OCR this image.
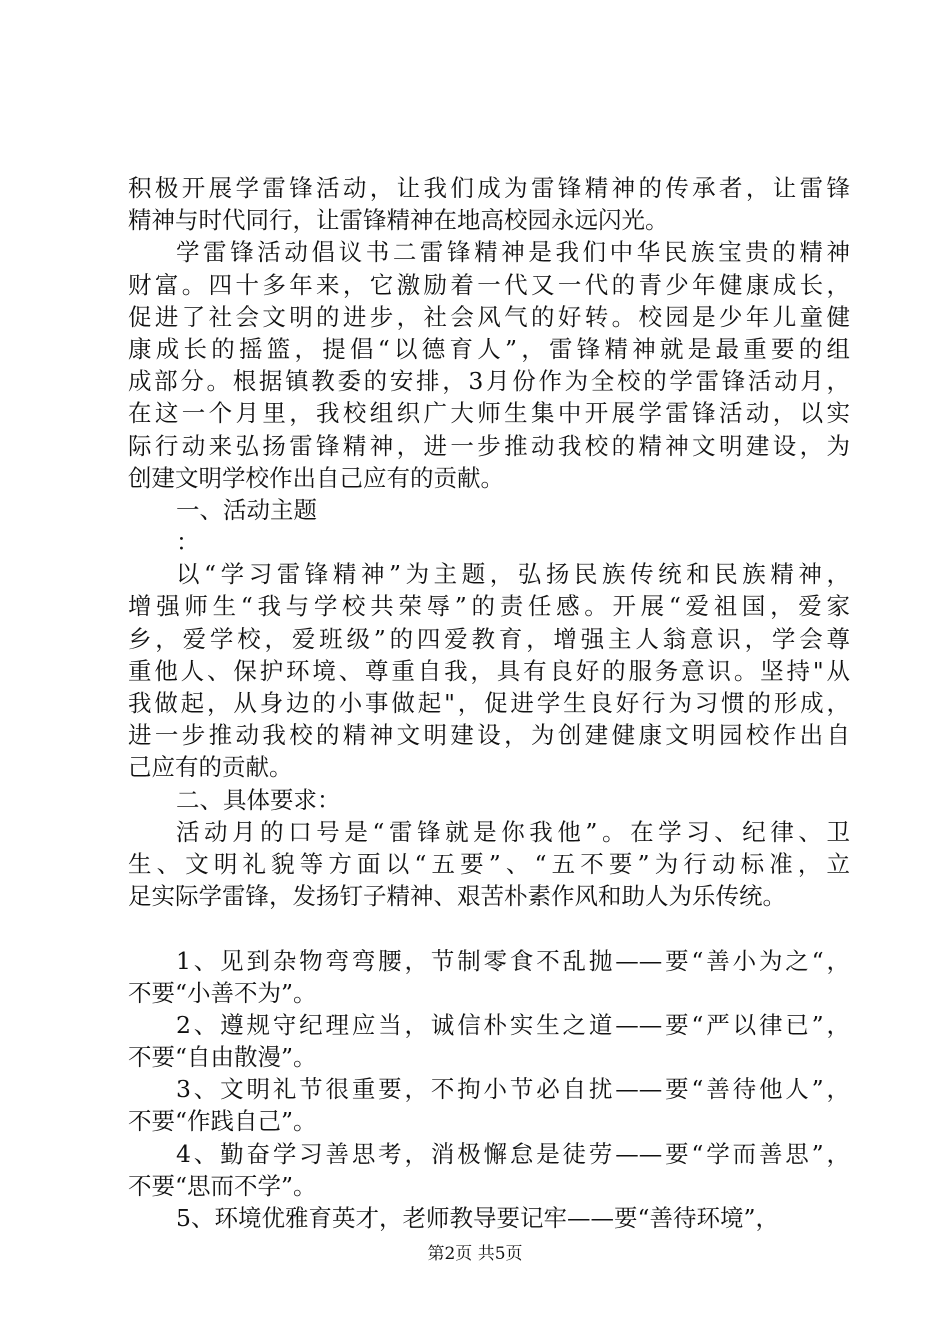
积极开展学雷锋活动，让我们成为雷锋精神的传承者，让雷锋
精神与时代同行，让雷锋精神在地高校园永远闪光。
学雷锋活动倡议书二雷锋精神是我们中华民族宝贵的精神
财富。四十多年来，它激励着一代又一代的青少年健康成长，
促进了社会文明的进步，社会风气的好转。校园是少年儿童健
康成长的摇篮，提倡“以德育人”，雷锋精神就是最重要的组
成部分。根据镇教委的安排，3月份作为全校的学雷锋活动月，
在这一个月里，我校组织广大师生集中开展学雷锋活动，以实
际行动来弘扬雷锋精神，进一步推动我校的精神文明建设，为
创建文明学校作出自己应有的贡献。
一、活动主题
：
以“学习雷锋精神”为主题，弘扬民族传统和民族精神，
增强师生“我与学校共荣辱”的责任感。开展“爱祖国，爱家
乡，爱学校，爱班级”的四爱教育，增强主人翁意识，学会尊
重他人、保护环境、尊重自我，具有良好的服务意识。坚持"从
我做起，从身边的小事做起"，促进学生良好行为习惯的形成，
进一步推动我校的精神文明建设，为创建健康文明园校作出自
己应有的贡献。
二、具体要求：
活动月的口号是“雷锋就是你我他”。在学习、纪律、卫
生、文明礼貌等方面以“五要”、“五不要”为行动标准，立
足实际学雷锋，发扬钉子精神、艰苦朴素作风和助人为乐传统。
1、见到杂物弯弯腰，节制零食不乱抛——要“善小为之“，
不要“小善不为”。
2、遵规守纪理应当，诚信朴实生之道——要“严以律已”，
不要“自由散漫”。
3、文明礼节很重要，不拘小节必自扰——要“善待他人”，
不要“作践自己”。
4、勤奋学习善思考，消极懈怠是徒劳——要“学而善思”，
不要“思而不学”。
5、环境优雅育英才，老师教导要记牢——要“善待环境”，
第2页 共5页
